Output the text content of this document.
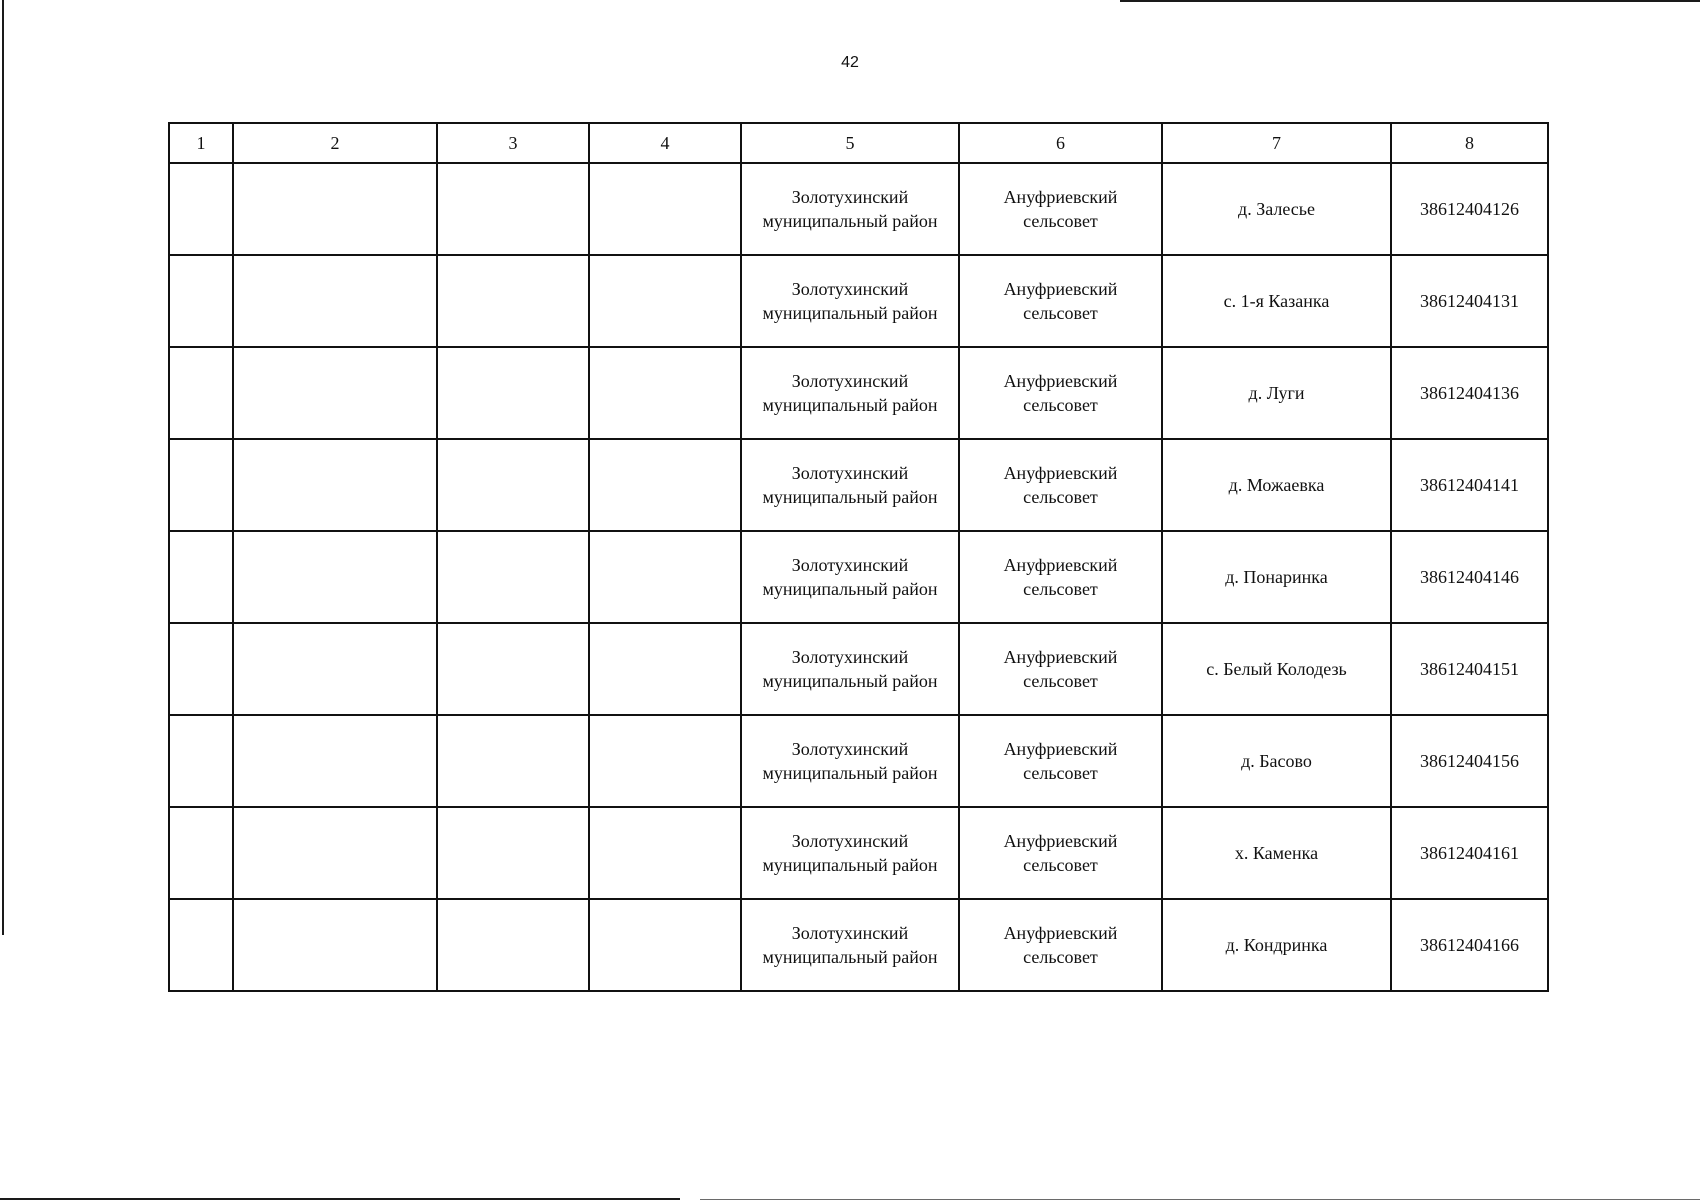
42
1	2	3	4	5	6	7	8

				Золотухинский
муниципальный район	Ануфриевский
сельсовет	д. Залесье	38612404126

				Золотухинский
муниципальный район	Ануфриевский
сельсовет	с. 1-я Казанка	38612404131

				Золотухинский
муниципальный район	Ануфриевский
сельсовет	д. Луги	38612404136

				Золотухинский
муниципальный район	Ануфриевский
сельсовет	д. Можаевка	38612404141

				Золотухинский
муниципальный район	Ануфриевский
сельсовет	д. Понаринка	38612404146

				Золотухинский
муниципальный район	Ануфриевский
сельсовет	с. Белый Колодезь	38612404151

				Золотухинский
муниципальный район	Ануфриевский
сельсовет	д. Басово	38612404156

				Золотухинский
муниципальный район	Ануфриевский
сельсовет	х. Каменка	38612404161

				Золотухинский
муниципальный район	Ануфриевский
сельсовет	д. Кондринка	38612404166
